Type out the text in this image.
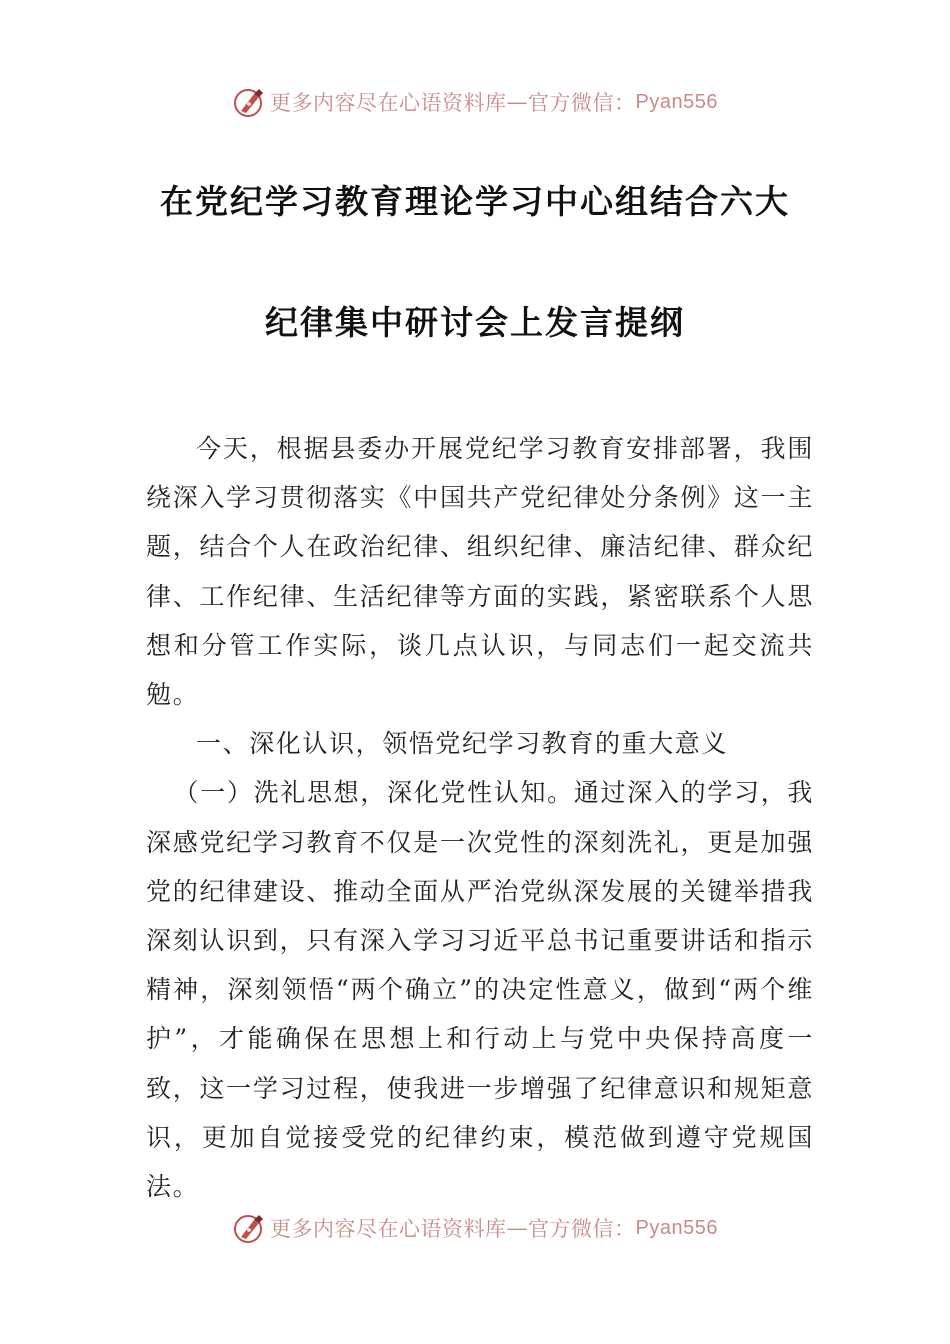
更多内容尽在心语资料库 — 官方微信： Pyan556
在党纪学习教育理论学习中心组结合六大
纪律集中研讨会上发言提纲

今天，根据县委办开展党纪学习教育安排部署，我围绕深入学习贯彻落实《中国共产党纪律处分条例》这一主题，结合个人在政治纪律、组织纪律、廉洁纪律、群众纪律、工作纪律、生活纪律等方面的实践，紧密联系个人思想和分管工作实际，谈几点认识，与同志们一起交流共勉。

一、深化认识，领悟党纪学习教育的重大意义

（一）洗礼思想，深化党性认知。通过深入的学习，我深感党纪学习教育不仅是一次党性的深刻洗礼，更是加强党的纪律建设、推动全面从严治党纵深发展的关键举措我深刻认识到，只有深入学习习近平总书记重要讲话和指示精神，深刻领悟“两个确立”的决定性意义，做到“两个维护”，才能确保在思想上和行动上与党中央保持高度一致，这一学习过程，使我进一步增强了纪律意识和规矩意识，更加自觉接受党的纪律约束，模范做到遵守党规国法。

更多内容尽在心语资料库 — 官方微信： Pyan556
